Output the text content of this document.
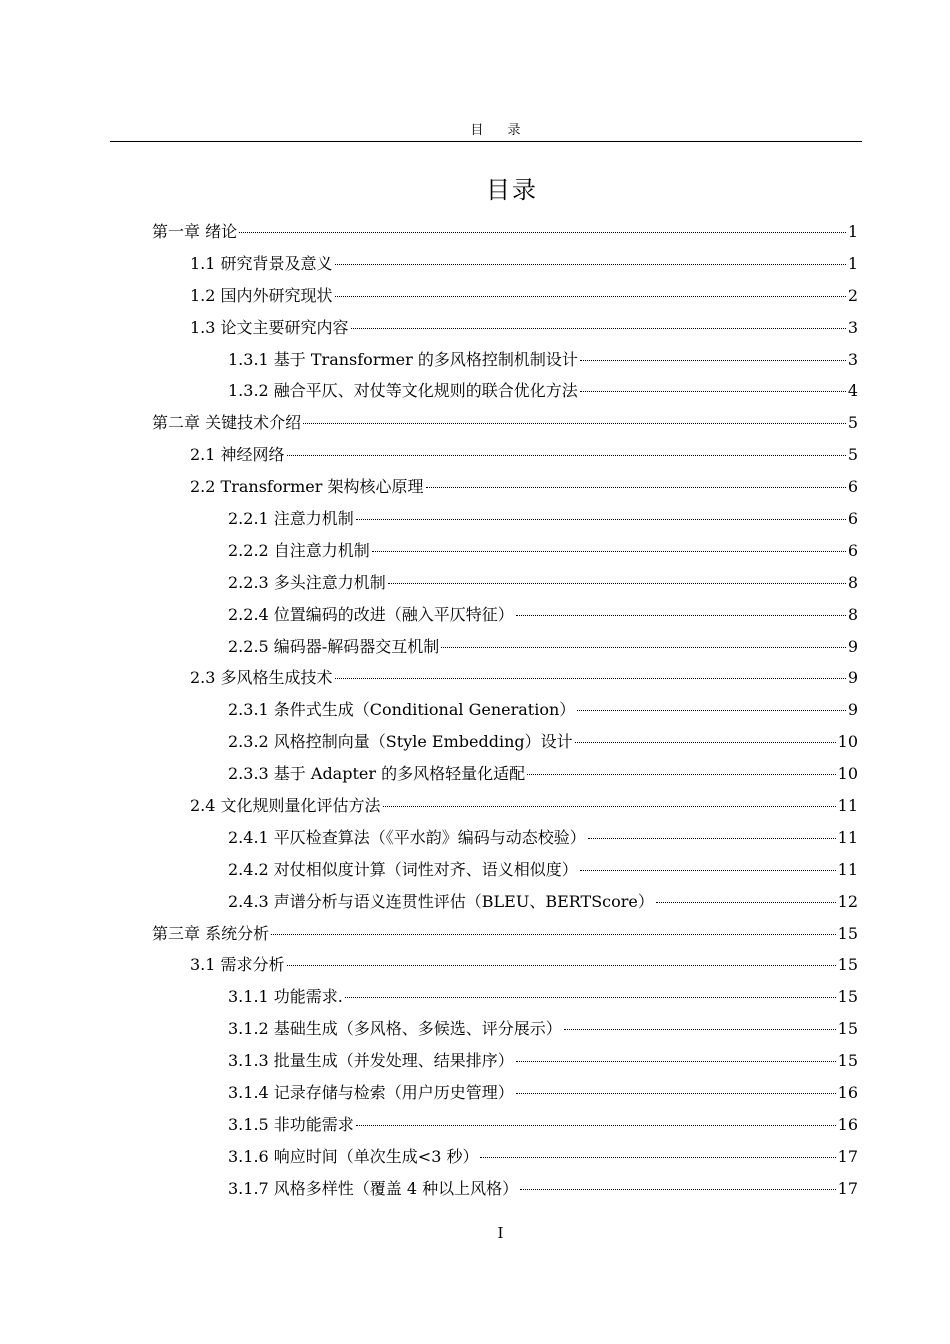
目 录
目录
第一章 绪论	1
1.1 研究背景及意义	1
1.2 国内外研究现状	2
1.3 论文主要研究内容	3
1.3.1 基于 Transformer 的多风格控制机制设计	3
1.3.2 融合平仄、对仗等文化规则的联合优化方法	4
第二章 关键技术介绍	5
2.1 神经网络	5
2.2 Transformer 架构核心原理	6
2.2.1 注意力机制	6
2.2.2 自注意力机制	6
2.2.3 多头注意力机制	8
2.2.4 位置编码的改进（融入平仄特征）	8
2.2.5 编码器-解码器交互机制	9
2.3 多风格生成技术	9
2.3.1 条件式生成（Conditional Generation）	9
2.3.2 风格控制向量（Style Embedding）设计	10
2.3.3 基于 Adapter 的多风格轻量化适配	10
2.4 文化规则量化评估方法	11
2.4.1 平仄检查算法（《平水韵》编码与动态校验）	11
2.4.2 对仗相似度计算（词性对齐、语义相似度）	11
2.4.3 声谱分析与语义连贯性评估（BLEU、BERTScore）	12
第三章 系统分析	15
3.1 需求分析	15
3.1.1 功能需求.	15
3.1.2 基础生成（多风格、多候选、评分展示）	15
3.1.3 批量生成（并发处理、结果排序）	15
3.1.4 记录存储与检索（用户历史管理）	16
3.1.5 非功能需求	16
3.1.6 响应时间（单次生成<3 秒）	17
3.1.7 风格多样性（覆盖 4 种以上风格）	17
I
